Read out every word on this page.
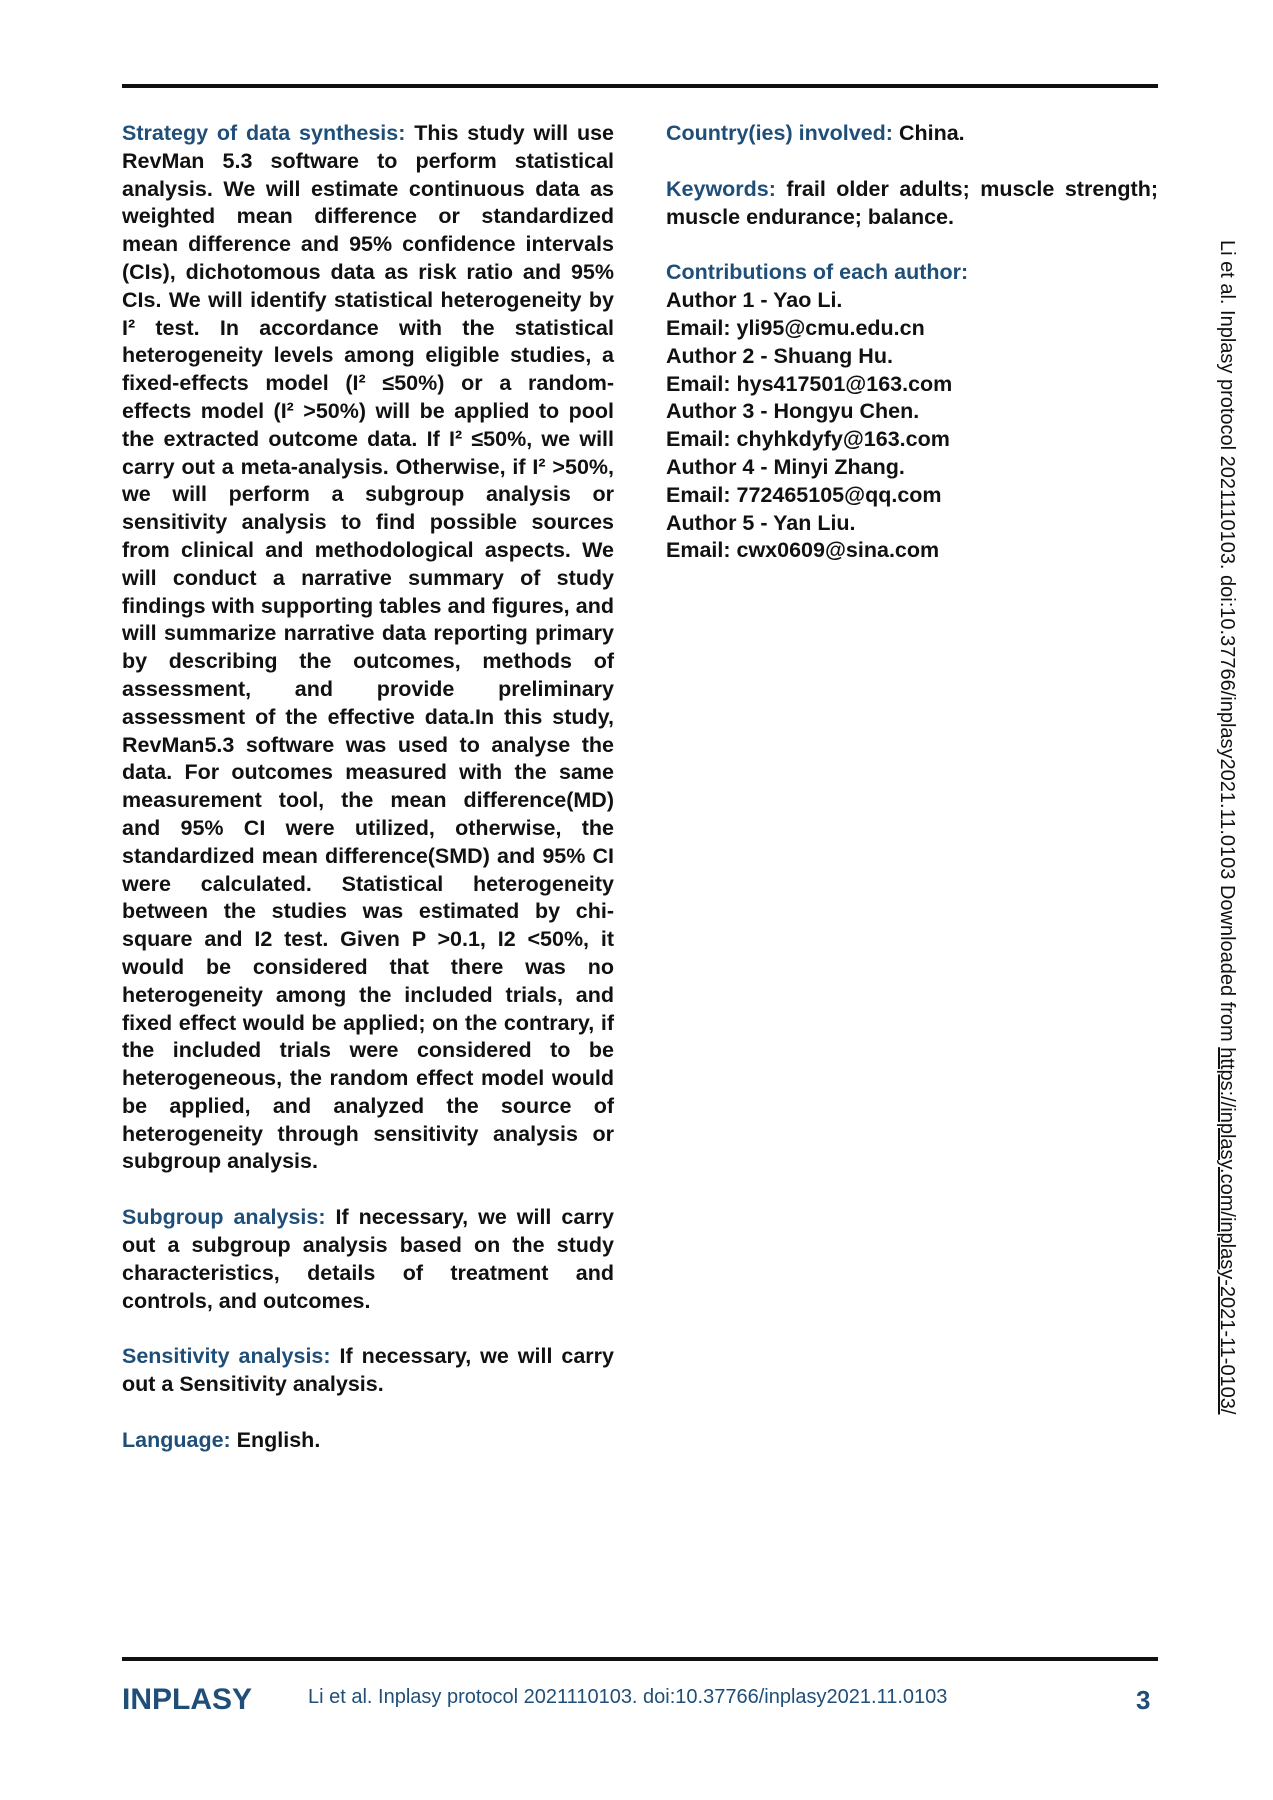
Strategy of data synthesis: This study will use RevMan 5.3 software to perform statistical analysis. We will estimate continuous data as weighted mean difference or standardized mean difference and 95% confidence intervals (CIs), dichotomous data as risk ratio and 95% CIs. We will identify statistical heterogeneity by I² test. In accordance with the statistical heterogeneity levels among eligible studies, a fixed-effects model (I² ≤50%) or a random-effects model (I² >50%) will be applied to pool the extracted outcome data. If I² ≤50%, we will carry out a meta-analysis. Otherwise, if I² >50%, we will perform a subgroup analysis or sensitivity analysis to find possible sources from clinical and methodological aspects. We will conduct a narrative summary of study findings with supporting tables and figures, and will summarize narrative data reporting primary by describing the outcomes, methods of assessment, and provide preliminary assessment of the effective data.In this study, RevMan5.3 software was used to analyse the data. For outcomes measured with the same measurement tool, the mean difference(MD) and 95% CI were utilized, otherwise, the standardized mean difference(SMD) and 95% CI were calculated. Statistical heterogeneity between the studies was estimated by chi-square and I2 test. Given P >0.1, I2 <50%, it would be considered that there was no heterogeneity among the included trials, and fixed effect would be applied; on the contrary, if the included trials were considered to be heterogeneous, the random effect model would be applied, and analyzed the source of heterogeneity through sensitivity analysis or subgroup analysis.

Subgroup analysis: If necessary, we will carry out a subgroup analysis based on the study characteristics, details of treatment and controls, and outcomes.

Sensitivity analysis: If necessary, we will carry out a Sensitivity analysis.

Language: English.

Country(ies) involved: China.

Keywords: frail older adults; muscle strength; muscle endurance; balance.

Contributions of each author:
Author 1 - Yao Li.
Email: yli95@cmu.edu.cn
Author 2 - Shuang Hu.
Email: hys417501@163.com
Author 3 - Hongyu Chen.
Email: chyhkdyfy@163.com
Author 4 - Minyi Zhang.
Email: 772465105@qq.com
Author 5 - Yan Liu.
Email: cwx0609@sina.com	Li et al. Inplasy protocol 2021110103. doi:10.37766/inplasy2021.11.0103 Downloaded from https://inplasy.com/inplasy-2021-11-0103/
INPLASY	Li et al. Inplasy protocol 2021110103. doi:10.37766/inplasy2021.11.0103	3
